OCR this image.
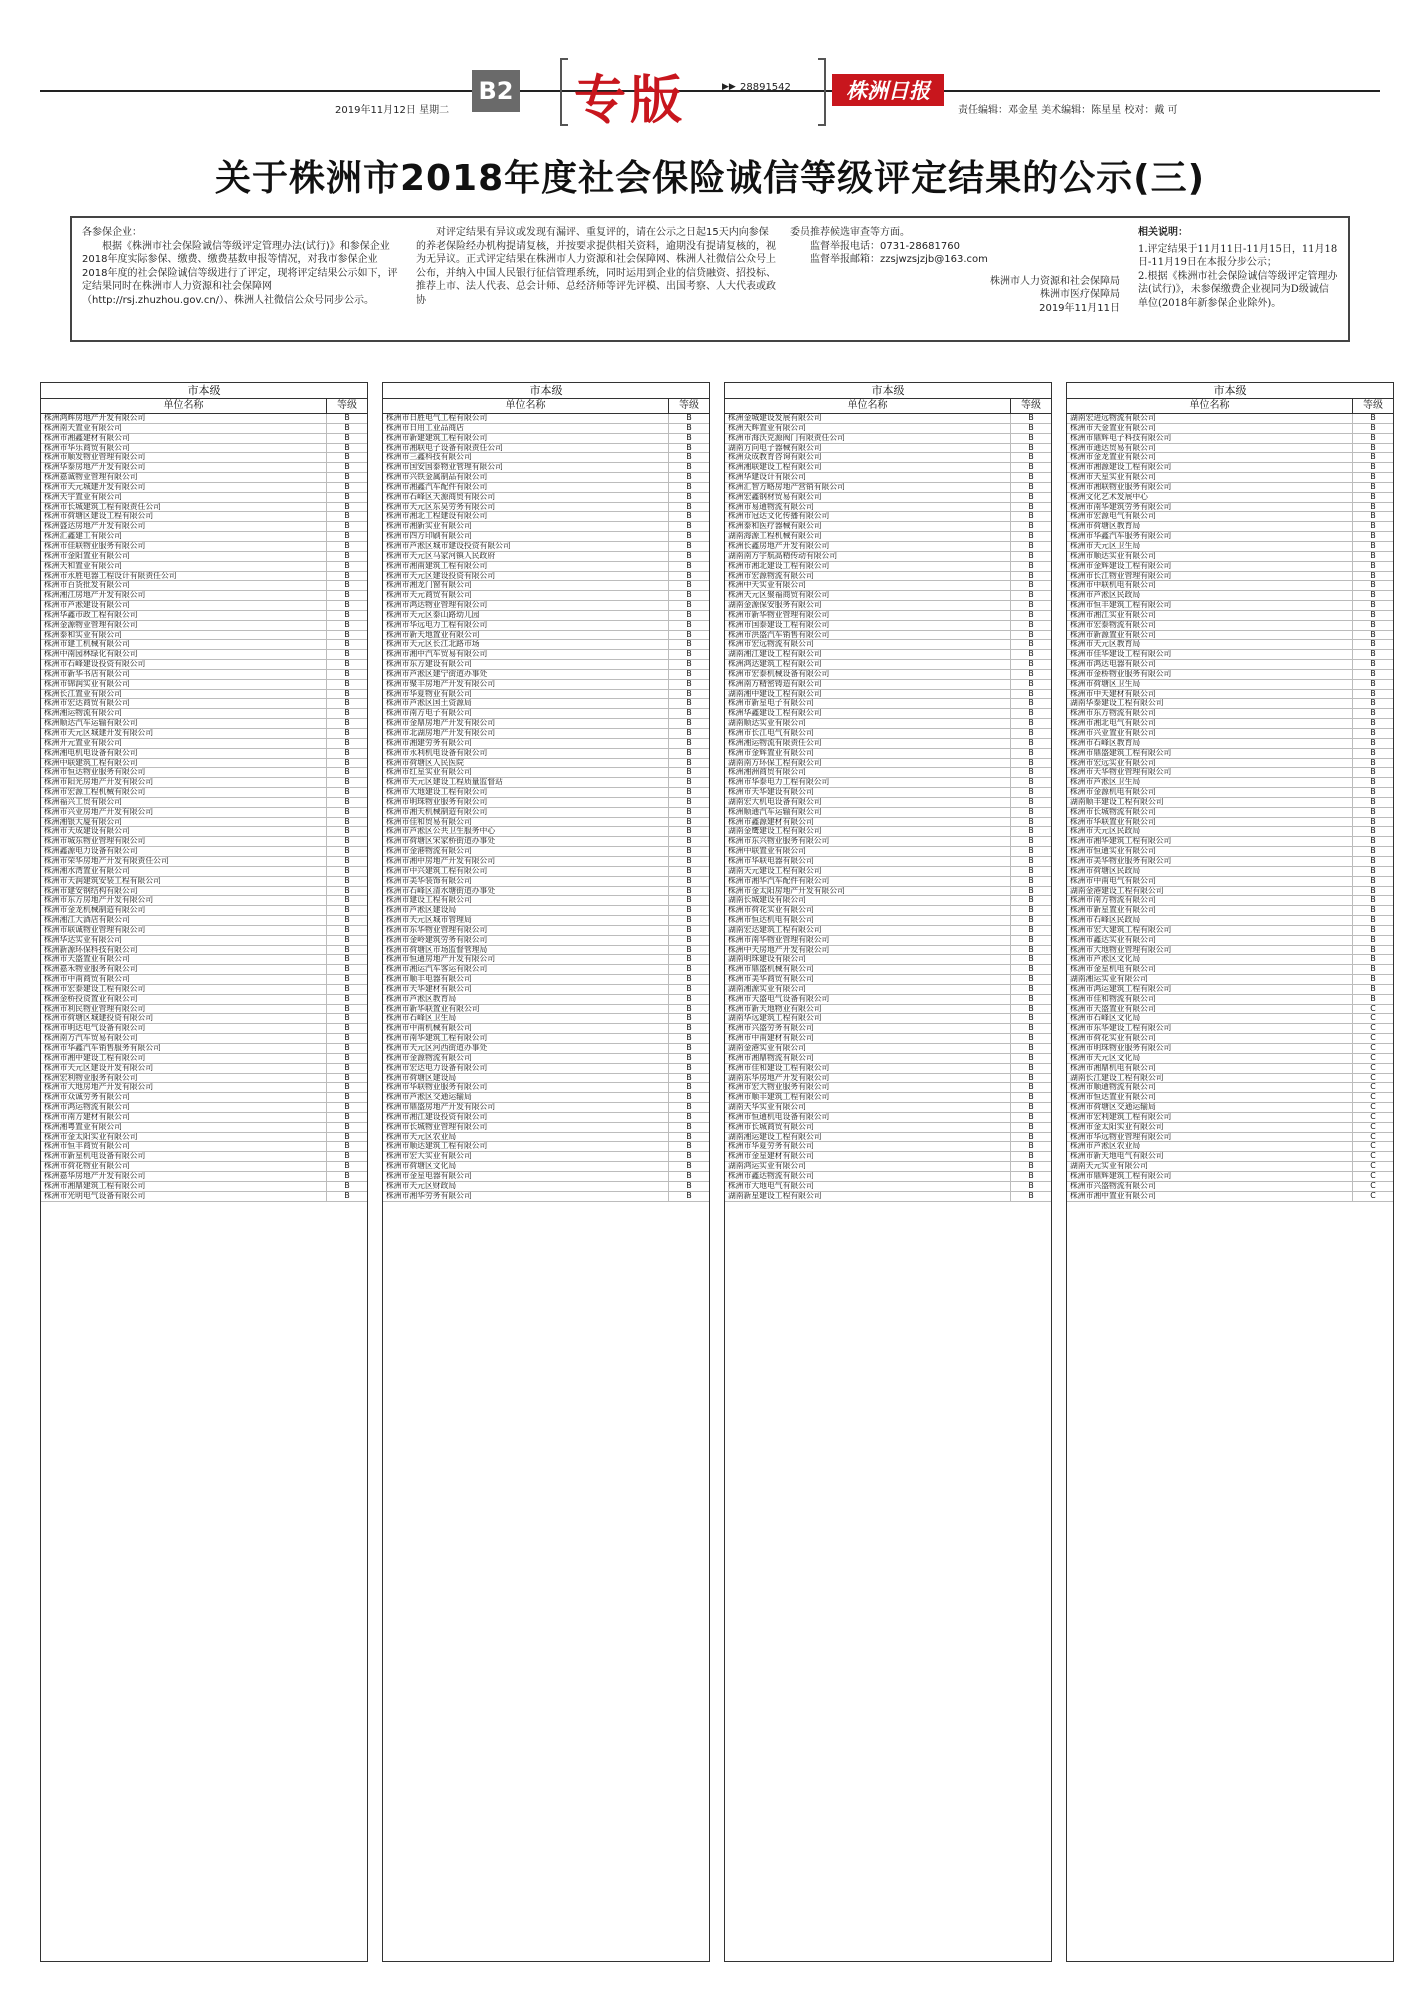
2019年11月12日 星期二
B2 专版	▶▶ 28891542	株洲日报
责任编辑：邓金星 美术编辑：陈星星 校对：戴 可
关于株洲市2018年度社会保险诚信等级评定结果的公示(三)
各参保企业：
　　根据《株洲市社会保险诚信等级评定管理办法(试行)》和参保企业2018年度实际参保、缴费、缴费基数申报等情况，对我市参保企业2018年度的社会保险诚信等级进行了评定，现将评定结果公示如下，评定结果同时在株洲市人力资源和社会保障网（http://rsj.zhuzhou.gov.cn/）、株洲人社微信公众号同步公示。
　　对评定结果有异议或发现有漏评、重复评的，请在公示之日起15天内向参保的养老保险经办机构提请复核，并按要求提供相关资料，逾期没有提请复核的，视为无异议。正式评定结果在株洲市人力资源和社会保障网、株洲人社微信公众号上公布，并纳入中国人民银行征信管理系统，同时运用到企业的信贷融资、招投标、推荐上市、法人代表、总会计师、总经济师等评先评模、出国考察、人大代表或政协
委员推荐候选审查等方面。
　　监督举报电话：0731-28681760
　　监督举报邮箱：zzsjwzsjzjb@163.com
株洲市人力资源和社会保障局
株洲市医疗保障局
2019年11月11日
相关说明：
1.评定结果于11月11日-11月15日，11月18日-11月19日在本报分步公示；
2.根据《株洲市社会保险诚信等级评定管理办法(试行)》，未参保缴费企业视同为D级诚信单位(2018年新参保企业除外)。
市本级
单位名称	等级
株洲鸿辉房地产开发有限公司	B
株洲南天置业有限公司	B
株洲市湘鑫建材有限公司	B
株洲市华乐商贸有限公司	B
株洲市顺发物业管理有限公司	B
株洲华泰房地产开发有限公司	B
株洲嘉诚物业管理有限公司	B
株洲市天元城建开发有限公司	B
株洲天宇置业有限公司	B
株洲市长城建筑工程有限责任公司	B
株洲市荷塘区建设工程有限公司	B
株洲盛达房地产开发有限公司	B
株洲汇鑫建工有限公司	B
株洲市佳联物业服务有限公司	B
株洲市金阳置业有限公司	B
株洲天和置业有限公司	B
株洲市永胜电器工程设计有限责任公司	B
株洲市百货批发有限公司	B
株洲湘江房地产开发有限公司	B
株洲市芦淞建设有限公司	B
株洲华鑫市政工程有限公司	B
株洲金源物业管理有限公司	B
株洲泰和实业有限公司	B
株洲市建工机械有限公司	B
株洲中南园林绿化有限公司	B
株洲市石峰建设投资有限公司	B
株洲市新华书店有限公司	B
株洲市锦润实业有限公司	B
株洲长江置业有限公司	B
株洲市宏达商贸有限公司	B
株洲湘运物流有限公司	B
株洲顺达汽车运输有限公司	B
株洲市天元区城建开发有限公司	B
株洲开元置业有限公司	B
株洲湘电机电设备有限公司	B
株洲中联建筑工程有限公司	B
株洲市恒达物业服务有限公司	B
株洲市阳光房地产开发有限公司	B
株洲市宏源工程机械有限公司	B
株洲福兴工贸有限公司	B
株洲市兴业房地产开发有限公司	B
株洲湘银大厦有限公司	B
株洲市天成建设有限公司	B
株洲市城东物业管理有限公司	B
株洲鑫源电力设备有限公司	B
株洲市荣华房地产开发有限责任公司	B
株洲湘水湾置业有限公司	B
株洲市天润建筑安装工程有限公司	B
株洲市建安钢结构有限公司	B
株洲市东方房地产开发有限公司	B
株洲市金龙机械制造有限公司	B
株洲湘江大酒店有限公司	B
株洲市联诚物业管理有限公司	B
株洲华达实业有限公司	B
株洲新源环保科技有限公司	B
株洲市天盛置业有限公司	B
株洲嘉禾物业服务有限公司	B
株洲市中南商贸有限公司	B
株洲市宏泰建设工程有限公司	B
株洲金桥投资置业有限公司	B
株洲市利民物业管理有限公司	B
株洲市荷塘区城建投资有限公司	B
株洲市明达电气设备有限公司	B
株洲南方汽车贸易有限公司	B
株洲市华鑫汽车销售服务有限公司	B
株洲市湘中建设工程有限公司	B
株洲市天元区建设开发有限公司	B
株洲宏利物业服务有限公司	B
株洲市大地房地产开发有限公司	B
株洲市众诚劳务有限公司	B
株洲市鸿运物流有限公司	B
株洲市南方建材有限公司	B
株洲湘粤置业有限公司	B
株洲市金太阳实业有限公司	B
株洲市恒丰商贸有限公司	B
株洲市新星机电设备有限公司	B
株洲市荷花物业有限公司	B
株洲嘉华房地产开发有限公司	B
株洲市湘鼎建筑工程有限公司	B
株洲市光明电气设备有限公司	B
市本级
单位名称	等级
株洲市日胜电气工程有限公司	B
株洲市日用工业品商店	B
株洲市新建建筑工程有限公司	B
株洲市湘联电子设备有限责任公司	B
株洲市三鑫科技有限公司	B
株洲市国安国泰物业管理有限公司	B
株洲市兴铁金属制品有限公司	B
株洲市湘鑫汽车配件有限公司	B
株洲市石峰区天源商贸有限公司	B
株洲市天元区东昊劳务有限公司	B
株洲市湘北工程建设有限公司	B
株洲市湘新实业有限公司	B
株洲市四方印刷有限公司	B
株洲市芦淞区城市建设投资有限公司	B
株洲市天元区马家河镇人民政府	B
株洲市湘南建筑工程有限公司	B
株洲市天元区建设投资有限公司	B
株洲市湘龙门窗有限公司	B
株洲市天元商贸有限公司	B
株洲市鸿达物业管理有限公司	B
株洲市天元区泰山路幼儿园	B
株洲市华远电力工程有限公司	B
株洲市新天地置业有限公司	B
株洲市天元区长江北路市场	B
株洲市湘中汽车贸易有限公司	B
株洲市东方建设有限公司	B
株洲市芦淞区建宁街道办事处	B
株洲市聚丰房地产开发有限公司	B
株洲市华夏物业有限公司	B
株洲市芦淞区国土资源局	B
株洲市南方电子有限公司	B
株洲市金鼎房地产开发有限公司	B
株洲市北湖房地产开发有限公司	B
株洲市湘建劳务有限公司	B
株洲市永利机电设备有限公司	B
株洲市荷塘区人民医院	B
株洲市红星实业有限公司	B
株洲市天元区建设工程质量监督站	B
株洲市大地建设工程有限公司	B
株洲市明珠物业服务有限公司	B
株洲市湘天机械制造有限公司	B
株洲市佳和贸易有限公司	B
株洲市芦淞区公共卫生服务中心	B
株洲市荷塘区宋家桥街道办事处	B
株洲市金港物流有限公司	B
株洲市湘中房地产开发有限公司	B
株洲市中兴建筑工程有限公司	B
株洲市美华装饰有限公司	B
株洲市石峰区清水塘街道办事处	B
株洲市建设工程有限公司	B
株洲市芦淞区建设局	B
株洲市天元区城市管理局	B
株洲市东华物业管理有限公司	B
株洲市金岭建筑劳务有限公司	B
株洲市荷塘区市场监督管理局	B
株洲市恒通房地产开发有限公司	B
株洲市湘运汽车客运有限公司	B
株洲市顺丰电器有限公司	B
株洲市天华建材有限公司	B
株洲市芦淞区教育局	B
株洲市新华联置业有限公司	B
株洲市石峰区卫生局	B
株洲市中南机械有限公司	B
株洲市南华建筑工程有限公司	B
株洲市天元区河西街道办事处	B
株洲市金源物流有限公司	B
株洲市宏达电力设备有限公司	B
株洲市荷塘区建设局	B
株洲市华联物业服务有限公司	B
株洲市芦淞区交通运输局	B
株洲市鼎盛房地产开发有限公司	B
株洲市湘江建设投资有限公司	B
株洲市长城物业管理有限公司	B
株洲市天元区农业局	B
株洲市顺达建筑工程有限公司	B
株洲市宏大实业有限公司	B
株洲市荷塘区文化局	B
株洲市金星电器有限公司	B
株洲市天元区财政局	B
株洲市湘华劳务有限公司	B
市本级
单位名称	等级
株洲金城建设发展有限公司	B
株洲天辉置业有限公司	B
株洲市海沃克源阀门有限责任公司	B
湖南方向电子器械有限公司	B
株洲众成教育咨询有限公司	B
株洲湘联建设工程有限公司	B
株洲华建设计有限公司	B
株洲汇智方略房地产营销有限公司	B
株洲宏鑫钢材贸易有限公司	B
株洲市易通物流有限公司	B
株洲市冠达文化传播有限公司	B
株洲泰和医疗器械有限公司	B
湖南海源工程机械有限公司	B
株洲长鑫房地产开发有限公司	B
湖南南方宇航高精传动有限公司	B
株洲市湘北建设工程有限公司	B
株洲市宏源物流有限公司	B
株洲中天实业有限公司	B
株洲天元区聚福商贸有限公司	B
湖南金源保安服务有限公司	B
株洲市新华物业管理有限公司	B
株洲市国泰建设工程有限公司	B
株洲市洪盛汽车销售有限公司	B
株洲市宏远物流有限公司	B
湖南湘江建设工程有限公司	B
株洲鸿达建筑工程有限公司	B
株洲市宏泰机械设备有限公司	B
株洲南方精密铸造有限公司	B
湖南湘中建设工程有限公司	B
株洲市新星电子有限公司	B
株洲华鑫建设工程有限公司	B
湖南顺达实业有限公司	B
株洲市长江电气有限公司	B
株洲湘运物流有限责任公司	B
株洲市金辉置业有限公司	B
湖南南方环保工程有限公司	B
株洲湘洲商贸有限公司	B
株洲市华泰电力工程有限公司	B
株洲市天华建设有限公司	B
湖南宏大机电设备有限公司	B
株洲顺通汽车运输有限公司	B
株洲市鑫源建材有限公司	B
湖南金鹰建设工程有限公司	B
株洲市东兴物业服务有限公司	B
株洲中联置业有限公司	B
株洲市华联电器有限公司	B
湖南天元建设工程有限公司	B
株洲市湘华汽车配件有限公司	B
株洲市金太阳房地产开发有限公司	B
湖南长城建设有限公司	B
株洲市荷花实业有限公司	B
株洲市恒达机电有限公司	B
湖南宏达建筑工程有限公司	B
株洲市南华物业管理有限公司	B
株洲中天房地产开发有限公司	B
湖南明珠建设有限公司	B
株洲市鼎盛机械有限公司	B
株洲市美华商贸有限公司	B
湖南湘源实业有限公司	B
株洲市天盛电气设备有限公司	B
株洲市新天地物业有限公司	B
湖南华远建筑工程有限公司	B
株洲市兴盛劳务有限公司	B
株洲市中南建材有限公司	B
湖南金港实业有限公司	B
株洲市湘鼎物流有限公司	B
株洲市佳和建设工程有限公司	B
湖南东华房地产开发有限公司	B
株洲市宏大物业服务有限公司	B
株洲市顺丰建筑工程有限公司	B
湖南天华实业有限公司	B
株洲市恒通机电设备有限公司	B
株洲市长城商贸有限公司	B
湖南湘运建设工程有限公司	B
株洲市华夏劳务有限公司	B
株洲市金星建材有限公司	B
湖南鸿运实业有限公司	B
株洲市鑫达物流有限公司	B
株洲市大地电气有限公司	B
湖南新星建设工程有限公司	B
市本级
单位名称	等级
湖南宏进远物流有限公司	B
株洲市天金置业有限公司	B
株洲市鼎辉电子科技有限公司	B
株洲市通达贸易有限公司	B
株洲市金龙置业有限公司	B
株洲市湘源建设工程有限公司	B
株洲市天星实业有限公司	B
株洲市湘联物业服务有限公司	B
株洲文化艺术发展中心	B
株洲市南华建筑劳务有限公司	B
株洲市宏源电气有限公司	B
株洲市荷塘区教育局	B
株洲市华鑫汽车服务有限公司	B
株洲市天元区卫生局	B
株洲市顺达实业有限公司	B
株洲市金辉建设工程有限公司	B
株洲市长江物业管理有限公司	B
株洲市中联机电有限公司	B
株洲市芦淞区民政局	B
株洲市恒丰建筑工程有限公司	B
株洲市湘江实业有限公司	B
株洲市宏泰物流有限公司	B
株洲市新源置业有限公司	B
株洲市天元区教育局	B
株洲市佳华建设工程有限公司	B
株洲市鸿达电器有限公司	B
株洲市金桥物业服务有限公司	B
株洲市荷塘区卫生局	B
株洲市中天建材有限公司	B
湖南华泰建设工程有限公司	B
株洲市东方物流有限公司	B
株洲市湘北电气有限公司	B
株洲市兴业置业有限公司	B
株洲市石峰区教育局	B
株洲市鼎盛建筑工程有限公司	B
株洲市宏远实业有限公司	B
株洲市天华物业管理有限公司	B
株洲市芦淞区卫生局	B
株洲市金源机电有限公司	B
湖南顺丰建设工程有限公司	B
株洲市长城物流有限公司	B
株洲市华联置业有限公司	B
株洲市天元区民政局	B
株洲市湘华建筑工程有限公司	B
株洲市恒通实业有限公司	B
株洲市美华物业服务有限公司	B
株洲市荷塘区民政局	B
株洲市中南电气有限公司	B
湖南金港建设工程有限公司	B
株洲市南方物流有限公司	B
株洲市新星置业有限公司	B
株洲市石峰区民政局	B
株洲市宏大建筑工程有限公司	B
株洲市鑫达实业有限公司	B
株洲市大地物业管理有限公司	B
株洲市芦淞区文化局	B
株洲市金星机电有限公司	B
湖南湘运实业有限公司	B
株洲市鸿运建筑工程有限公司	B
株洲市佳和物流有限公司	B
株洲市天盛置业有限公司	C
株洲市石峰区文化局	C
株洲市东华建设工程有限公司	C
株洲市荷花实业有限公司	C
株洲市明珠物业服务有限公司	C
株洲市天元区文化局	C
株洲市湘鼎机电有限公司	C
湖南长江建设工程有限公司	C
株洲市顺通物流有限公司	C
株洲市恒达置业有限公司	C
株洲市荷塘区交通运输局	C
株洲市宏利建筑工程有限公司	C
株洲市金太阳实业有限公司	C
株洲市华远物业管理有限公司	C
株洲市芦淞区农业局	C
株洲市新天地电气有限公司	C
湖南天元实业有限公司	C
株洲市鼎辉建筑工程有限公司	C
株洲市兴盛物流有限公司	C
株洲市湘中置业有限公司	C
